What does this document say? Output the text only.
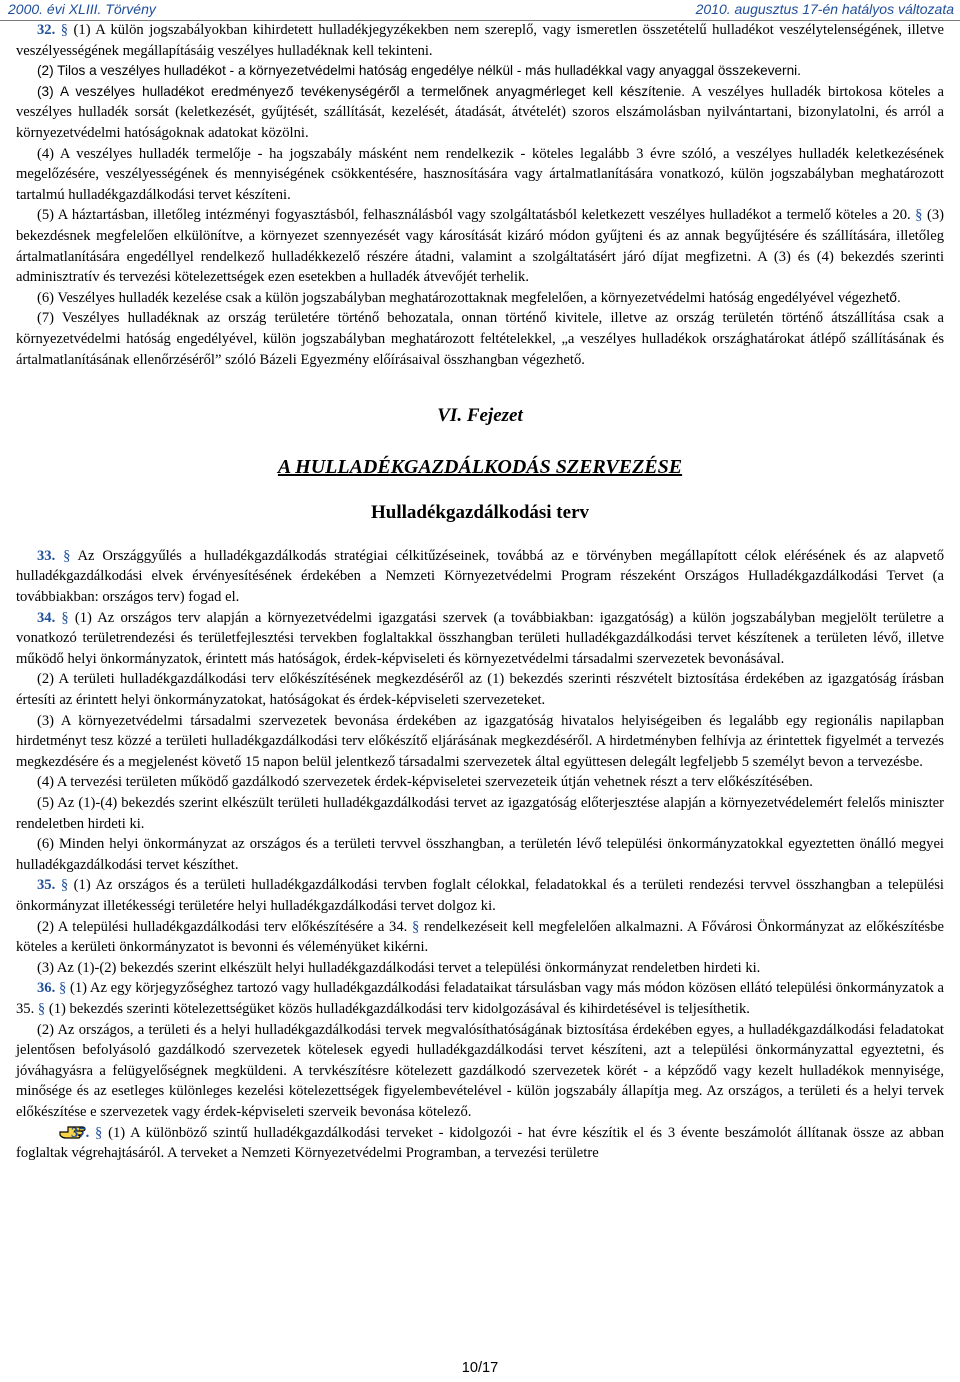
2000. évi XLIII. Törvény	2010. augusztus 17-én hatályos változata

32. § (1) A külön jogszabályokban kihirdetett hulladékjegyzékekben nem szereplő, vagy ismeretlen összetételű hulladékot veszélytelenségének, illetve veszélyességének megállapításáig veszélyes hulladéknak kell tekinteni.

(2) Tilos a veszélyes hulladékot - a környezetvédelmi hatóság engedélye nélkül - más hulladékkal vagy anyaggal összekeverni.

(3) A veszélyes hulladékot eredményező tevékenységéről a termelőnek anyagmérleget kell készítenie. A veszélyes hulladék birtokosa köteles a veszélyes hulladék sorsát (keletkezését, gyűjtését, szállítását, kezelését, átadását, átvételét) szoros elszámolásban nyilvántartani, bizonylatolni, és arról a környezetvédelmi hatóságoknak adatokat közölni.

(4) A veszélyes hulladék termelője - ha jogszabály másként nem rendelkezik - köteles legalább 3 évre szóló, a veszélyes hulladék keletkezésének megelőzésére, veszélyességének és mennyiségének csökkentésére, hasznosítására vagy ártalmatlanítására vonatkozó, külön jogszabályban meghatározott tartalmú hulladékgazdálkodási tervet készíteni.

(5) A háztartásban, illetőleg intézményi fogyasztásból, felhasználásból vagy szolgáltatásból keletkezett veszélyes hulladékot a termelő köteles a 20. § (3) bekezdésnek megfelelően elkülönítve, a környezet szennyezését vagy károsítását kizáró módon gyűjteni és az annak begyűjtésére és szállítására, illetőleg ártalmatlanítására engedéllyel rendelkező hulladékkezelő részére átadni, valamint a szolgáltatásért járó díjat megfizetni. A (3) és (4) bekezdés szerinti adminisztratív és tervezési kötelezettségek ezen esetekben a hulladék átvevőjét terhelik.

(6) Veszélyes hulladék kezelése csak a külön jogszabályban meghatározottaknak megfelelően, a környezetvédelmi hatóság engedélyével végezhető.

(7) Veszélyes hulladéknak az ország területére történő behozatala, onnan történő kivitele, illetve az ország területén történő átszállítása csak a környezetvédelmi hatóság engedélyével, külön jogszabályban meghatározott feltételekkel, „a veszélyes hulladékok országhatárokat átlépő szállításának és ártalmatlanításának ellenőrzéséről” szóló Bázeli Egyezmény előírásaival összhangban végezhető.

VI. Fejezet

A HULLADÉKGAZDÁLKODÁS SZERVEZÉSE

Hulladékgazdálkodási terv

33. § Az Országgyűlés a hulladékgazdálkodás stratégiai célkitűzéseinek, továbbá az e törvényben megállapított célok elérésének és az alapvető hulladékgazdálkodási elvek érvényesítésének érdekében a Nemzeti Környezetvédelmi Program részeként Országos Hulladékgazdálkodási Tervet (a továbbiakban: országos terv) fogad el.

34. § (1) Az országos terv alapján a környezetvédelmi igazgatási szervek (a továbbiakban: igazgatóság) a külön jogszabályban megjelölt területre a vonatkozó területrendezési és területfejlesztési tervekben foglaltakkal összhangban területi hulladékgazdálkodási tervet készítenek a területen lévő, illetve működő helyi önkormányzatok, érintett más hatóságok, érdek-képviseleti és környezetvédelmi társadalmi szervezetek bevonásával.

(2) A területi hulladékgazdálkodási terv előkészítésének megkezdéséről az (1) bekezdés szerinti részvételt biztosítása érdekében az igazgatóság írásban értesíti az érintett helyi önkormányzatokat, hatóságokat és érdek-képviseleti szervezeteket.

(3) A környezetvédelmi társadalmi szervezetek bevonása érdekében az igazgatóság hivatalos helyiségeiben és legalább egy regionális napilapban hirdetményt tesz közzé a területi hulladékgazdálkodási terv előkészítő eljárásának megkezdéséről. A hirdetményben felhívja az érintettek figyelmét a tervezés megkezdésére és a megjelenést követő 15 napon belül jelentkező társadalmi szervezetek által együttesen delegált legfeljebb 5 személyt bevon a tervezésbe.

(4) A tervezési területen működő gazdálkodó szervezetek érdek-képviseletei szervezeteik útján vehetnek részt a terv előkészítésében.

(5) Az (1)-(4) bekezdés szerint elkészült területi hulladékgazdálkodási tervet az igazgatóság előterjesztése alapján a környezetvédelemért felelős miniszter rendeletben hirdeti ki.

(6) Minden helyi önkormányzat az országos és a területi tervvel összhangban, a területén lévő települési önkormányzatokkal egyeztetten önálló megyei hulladékgazdálkodási tervet készíthet.

35. § (1) Az országos és a területi hulladékgazdálkodási tervben foglalt célokkal, feladatokkal és a területi rendezési tervvel összhangban a települési önkormányzat illetékességi területére helyi hulladékgazdálkodási tervet dolgoz ki.

(2) A települési hulladékgazdálkodási terv előkészítésére a 34. § rendelkezéseit kell megfelelően alkalmazni. A Fővárosi Önkormányzat az előkészítésbe köteles a kerületi önkormányzatot is bevonni és véleményüket kikérni.

(3) Az (1)-(2) bekezdés szerint elkészült helyi hulladékgazdálkodási tervet a települési önkormányzat rendeletben hirdeti ki.

36. § (1) Az egy körjegyzőséghez tartozó vagy hulladékgazdálkodási feladataikat társulásban vagy más módon közösen ellátó települési önkormányzatok a 35. § (1) bekezdés szerinti kötelezettségüket közös hulladékgazdálkodási terv kidolgozásával és kihirdetésével is teljesíthetik.

(2) Az országos, a területi és a helyi hulladékgazdálkodási tervek megvalósíthatóságának biztosítása érdekében egyes, a hulladékgazdálkodási feladatokat jelentősen befolyásoló gazdálkodó szervezetek kötelesek egyedi hulladékgazdálkodási tervet készíteni, azt a települési önkormányzattal egyeztetni, és jóváhagyásra a felügyelőségnek megküldeni. A tervkészítésre kötelezett gazdálkodó szervezetek körét - a képződő vagy kezelt hulladékok mennyisége, minősége és az esetleges különleges kezelési kötelezettségek figyelembevételével - külön jogszabály állapítja meg. Az országos, a területi és a helyi tervek előkészítése e szervezetek vagy érdek-képviseleti szerveik bevonása kötelező.

37. § (1) A különböző szintű hulladékgazdálkodási terveket - kidolgozói - hat évre készítik el és 3 évente beszámolót állítanak össze az abban foglaltak végrehajtásáról. A terveket a Nemzeti Környezetvédelmi Programban, a tervezési területre

10/17
